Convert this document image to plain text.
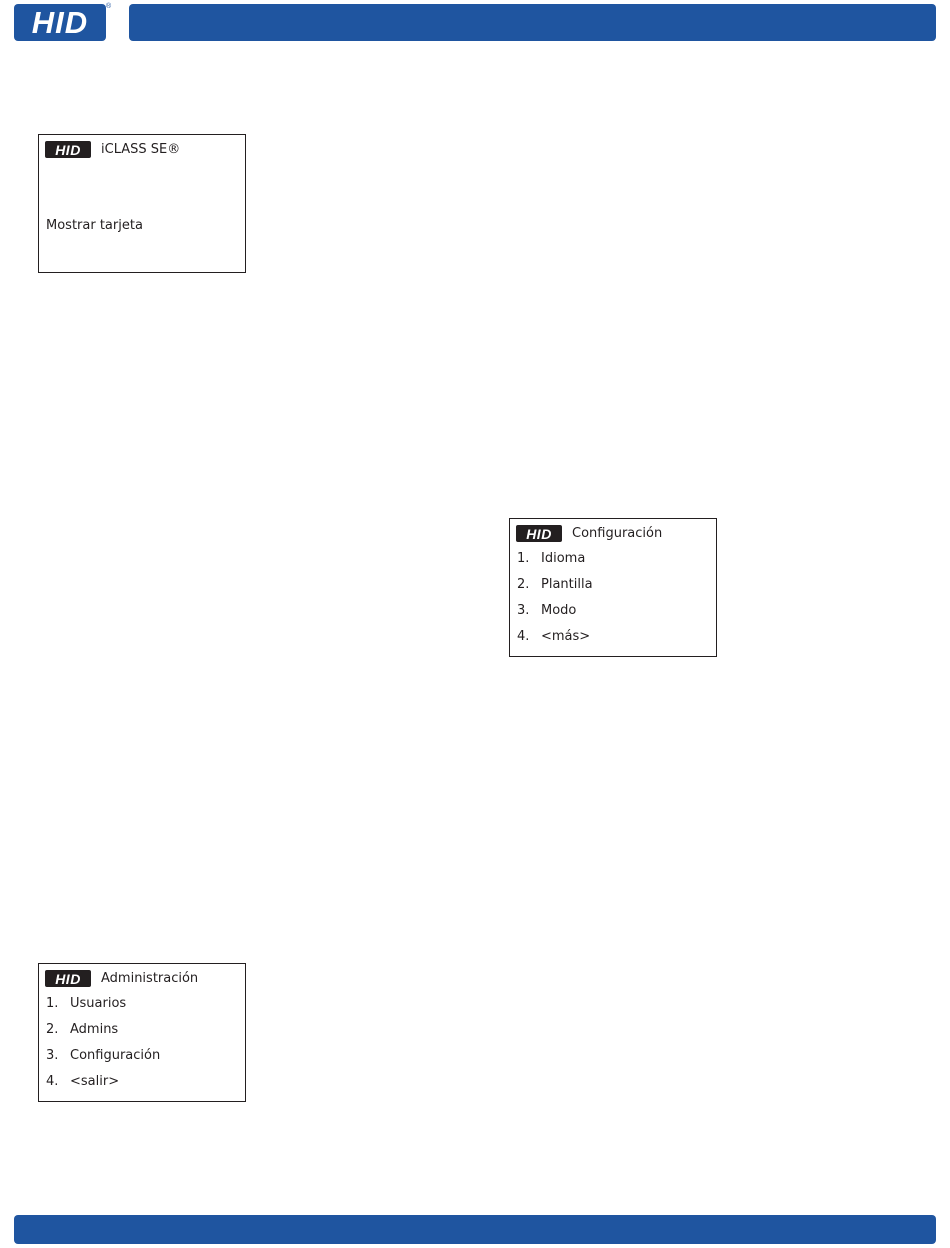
HID	®
HID	iCLASS SE®
Mostrar tarjeta
HID	Configuración
1. Idioma
2. Plantilla
3. Modo
4. <más>
HID	Administración
1. Usuarios
2. Admins
3. Configuración
4. <salir>
